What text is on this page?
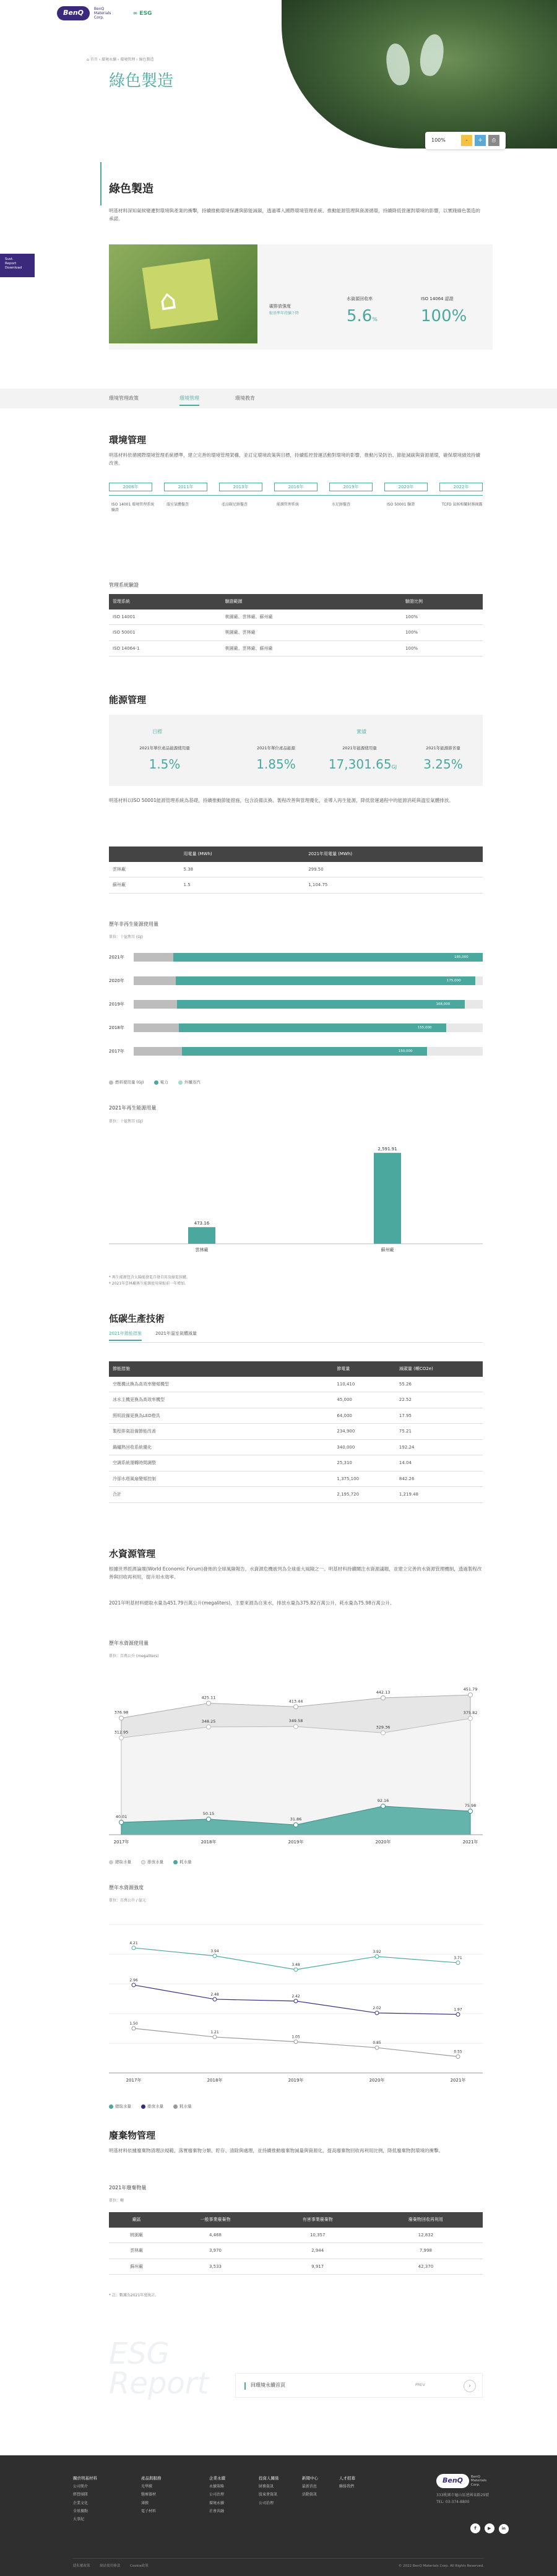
BenQ	BenQ Materials Corp. ∞ ESG
⌂ 首頁 › 環境永續 › 環境管理 › 綠色製造
綠色製造
100%	-	+	⎙
Sust.
Report
Download
綠色製造
明基材料深知氣候變遷對環境與產業的衝擊，持續推動環境保護與節能減碳，透過導入國際環境管理系統、推動能源管理與資源循環，持續降低營運對環境的影響，以實踐綠色製造的承諾。
⌂	碳排放強度
較基準年持續下降
水資源回收率
5.6%
ISO 14064 認證
100%
環境管理政策	環境管理	環境教育
環境管理
明基材料依循國際環境管理系統標準，建立完善的環境管理架構，並訂定環境政策與目標，持續監控營運活動對環境的影響，推動污染防治、節能減碳與資源循環，確保環境績效持續改善。
2008年	2011年	2013年	2016年	2019年	2020年	2022年
ISO 14001 環境管理系統驗證
溫室氣體盤查	產品碳足跡盤查	能源管理系統	水足跡盤查	ISO 50001 驗證	TCFD 氣候相關財務揭露
管理系統驗證
管理系統	驗證範圍	驗證比例
ISO 14001	桃園廠、雲林廠、蘇州廠	100%
ISO 50001	桃園廠、雲林廠	100%
ISO 14064-1	桃園廠、雲林廠、蘇州廠	100%
能源管理
目標	實績
2021年單位產品能源使用量
1.5%
2021年單位產品能源
1.85%
2021年能源使用量
17,301.65GJ
2021年能源節省量
3.25%
明基材料以ISO 50001能源管理系統為基礎，持續推動節能措施，包含設備汰換、製程改善與管理優化，並導入再生能源，降低營運過程中的能源消耗與溫室氣體排放。
	用電量 (MWh)	2021年用電量 (MWh)
雲林廠	5.38	299.50
蘇州廠	1.5	1,104.75
歷年非再生能源使用量
單位：十億焦耳 (GJ)
2021年	185,000
2020年	175,000
2019年	168,000
2018年	155,000
2017年	150,000
燃料使用量 (GJ)	電力	外購蒸汽
2021年再生能源用量
單位：十億焦耳 (GJ)
473.16
雲林廠
2,591.91
蘇州廠
* 再生能源包含太陽能發電自發自用及綠電採購。
* 2021年雲林廠再生能源使用量較前一年增加。
低碳生產技術
2021年節能措施	2021年溫室氣體減量
節能措施	節電量	減碳量 (噸CO2e)
空壓機汰換為高效率變頻機型	110,410	55.26
冰水主機更換為高效率機型	45,000	22.52
照明設備更換為LED燈具	64,000	17.95
製程排氣設備節能改善	234,900	75.21
鍋爐熱回收系統優化	340,000	192.24
空調系統運轉時間調整	25,310	14.04
冷卻水塔風扇變頻控制	1,375,100	842.26
合計	2,195,720	1,219.48
水資源管理
根據世界經濟論壇(World Economic Forum)發佈的全球風險報告，水資源危機被列為全球重大風險之一。明基材料持續關注水資源議題，並建立完善的水資源管理機制，透過製程改善與回收再利用，提升用水效率。
2021年明基材料總取水量為451.79百萬公升(megaliters)，主要來源為自來水，排放水量為375.82百萬公升，耗水量為75.98百萬公升。
歷年水資源使用量
單位：百萬公升 (megaliters)
376.98
425.11
413.44
442.13
451.79
312.95
348.25	349.58
329.36
375.82
40.01
50.15
31.86
92.16
75.98
2017年	2018年	2019年	2020年	2021年
總取水量	排放水量	耗水量
歷年水資源強度
單位：百萬公升 / 億元
4.21
3.94
3.48
3.92
3.71
2.96
2.48	2.42
2.02	1.97
1.50
1.21
1.05
0.85
0.55
2017年	2018年	2019年	2020年	2021年
總取水量	排放水量	耗水量
廢棄物管理
明基材料依據廢棄物清理法規範，落實廢棄物分類、貯存、清除與處理，並持續推動廢棄物減量與資源化，提高廢棄物回收再利用比例，降低廢棄物對環境的衝擊。
2021年廢棄物量
單位：噸
廠區	一般事業廢棄物	有害事業廢棄物	廢棄物回收再利用
桃園廠	4,468	10,357	12,832
雲林廠	3,970	2,944	7,998
蘇州廠	3,533	9,917	42,370
* 註：數據為2021年度統計。
ESG
Report	回環境永續首頁	PREV	›
關於明基材料

公司簡介
經營團隊
企業文化
全球據點
大事紀
產品與服務

光學膜
醫療器材
薄膜
電子材料
企業永續

永續策略
公司治理
環境永續
社會共融
投資人關係

財務資訊
股東會資訊
公司治理
新聞中心

最新消息
活動資訊
人才招募

聯絡我們
BenQ BenQ Materials Corp.
333桃園市龜山區建國東路29號
TEL: 03-374-8800
f	▶	in
隱私權政策	網站使用條款	Cookie政策	© 2022 BenQ Materials Corp. All Rights Reserved.
